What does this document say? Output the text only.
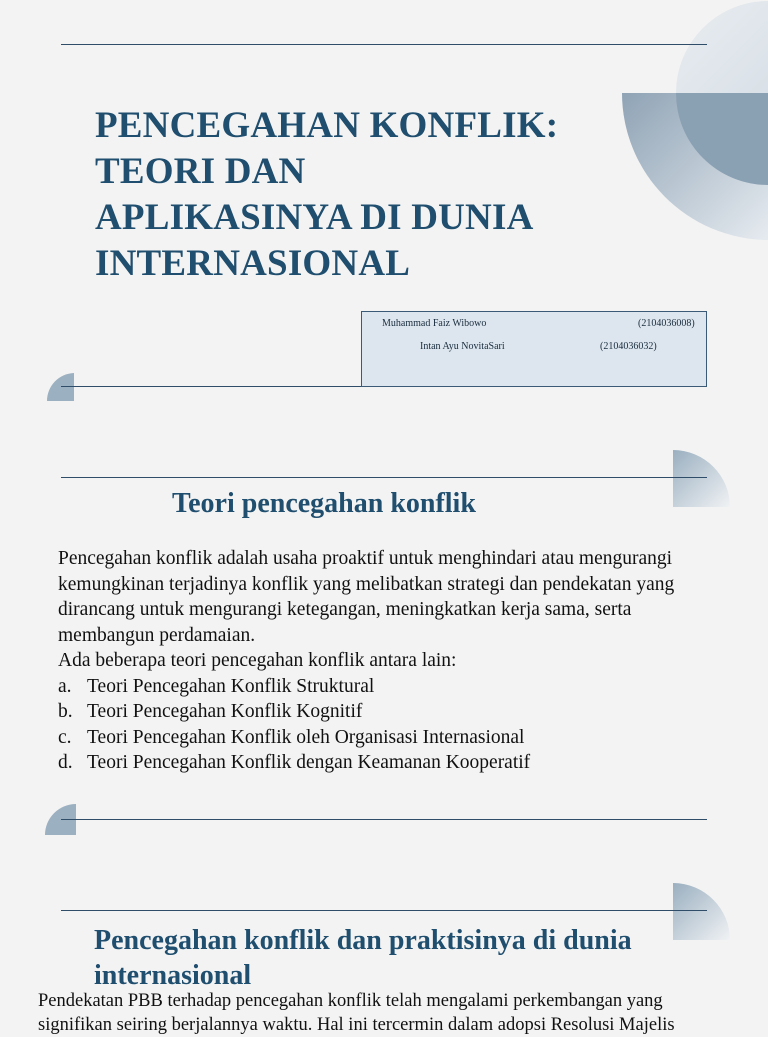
PENCEGAHAN KONFLIK:
TEORI DAN
APLIKASINYA DI DUNIA
INTERNASIONAL
Muhammad Faiz Wibowo	(2104036008)
Intan Ayu NovitaSari	(2104036032)
Teori pencegahan konflik
Pencegahan konflik adalah usaha proaktif untuk menghindari atau mengurangi
kemungkinan terjadinya konflik yang melibatkan strategi dan pendekatan yang
dirancang untuk mengurangi ketegangan, meningkatkan kerja sama, serta
membangun perdamaian.
Ada beberapa teori pencegahan konflik antara lain:
a. Teori Pencegahan Konflik Struktural
b. Teori Pencegahan Konflik Kognitif
c. Teori Pencegahan Konflik oleh Organisasi Internasional
d. Teori Pencegahan Konflik dengan Keamanan Kooperatif
Pencegahan konflik dan praktisinya di dunia
internasional
Pendekatan PBB terhadap pencegahan konflik telah mengalami perkembangan yang
signifikan seiring berjalannya waktu. Hal ini tercermin dalam adopsi Resolusi Majelis
